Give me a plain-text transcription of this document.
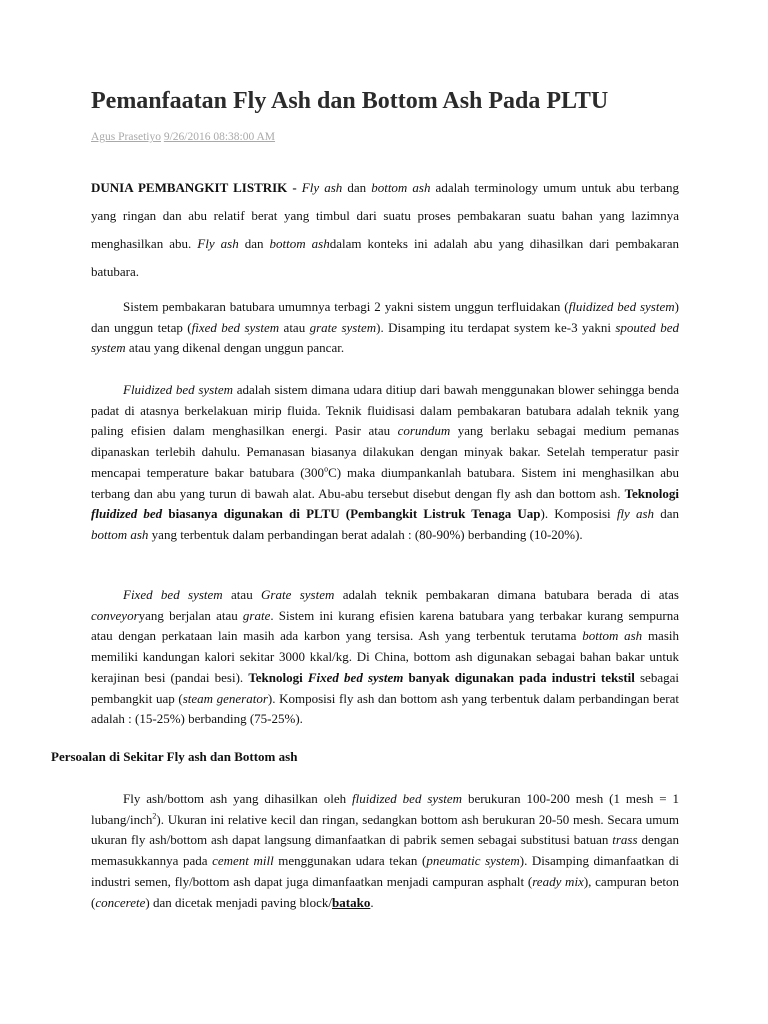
Pemanfaatan Fly Ash dan Bottom Ash Pada PLTU
Agus Prasetiyo 9/26/2016 08:38:00 AM

DUNIA PEMBANGKIT LISTRIK - Fly ash dan bottom ash adalah terminology umum untuk abu terbang yang ringan dan abu relatif berat yang timbul dari suatu proses pembakaran suatu bahan yang lazimnya menghasilkan abu. Fly ash dan bottom ashdalam konteks ini adalah abu yang dihasilkan dari pembakaran batubara.

Sistem pembakaran batubara umumnya terbagi 2 yakni sistem unggun terfluidakan (fluidized bed system) dan unggun tetap (fixed bed system atau grate system). Disamping itu terdapat system ke-3 yakni spouted bed system atau yang dikenal dengan unggun pancar.

Fluidized bed system adalah sistem dimana udara ditiup dari bawah menggunakan blower sehingga benda padat di atasnya berkelakuan mirip fluida. Teknik fluidisasi dalam pembakaran batubara adalah teknik yang paling efisien dalam menghasilkan energi. Pasir atau corundum yang berlaku sebagai medium pemanas dipanaskan terlebih dahulu. Pemanasan biasanya dilakukan dengan minyak bakar. Setelah temperatur pasir mencapai temperature bakar batubara (300$^o$C) maka diumpankanlah batubara. Sistem ini menghasilkan abu terbang dan abu yang turun di bawah alat. Abu-abu tersebut disebut dengan fly ash dan bottom ash. Teknologi fluidized bed biasanya digunakan di PLTU (Pembangkit Listruk Tenaga Uap). Komposisi fly ash dan bottom ash yang terbentuk dalam perbandingan berat adalah : (80-90%) berbanding (10-20%).

Fixed bed system atau Grate system adalah teknik pembakaran dimana batubara berada di atas conveyoryang berjalan atau grate. Sistem ini kurang efisien karena batubara yang terbakar kurang sempurna atau dengan perkataan lain masih ada karbon yang tersisa. Ash yang terbentuk terutama bottom ash masih memiliki kandungan kalori sekitar 3000 kkal/kg. Di China, bottom ash digunakan sebagai bahan bakar untuk kerajinan besi (pandai besi). Teknologi Fixed bed system banyak digunakan pada industri tekstil sebagai pembangkit uap (steam generator). Komposisi fly ash dan bottom ash yang terbentuk dalam perbandingan berat adalah : (15-25%) berbanding (75-25%).

Persoalan di Sekitar Fly ash dan Bottom ash

Fly ash/bottom ash yang dihasilkan oleh fluidized bed system berukuran 100-200 mesh (1 mesh = 1 lubang/inch$^2$). Ukuran ini relative kecil dan ringan, sedangkan bottom ash berukuran 20-50 mesh. Secara umum ukuran fly ash/bottom ash dapat langsung dimanfaatkan di pabrik semen sebagai substitusi batuan trass dengan memasukkannya pada cement mill menggunakan udara tekan (pneumatic system). Disamping dimanfaatkan di industri semen, fly/bottom ash dapat juga dimanfaatkan menjadi campuran asphalt (ready mix), campuran beton (concerete) dan dicetak menjadi paving block/batako.
